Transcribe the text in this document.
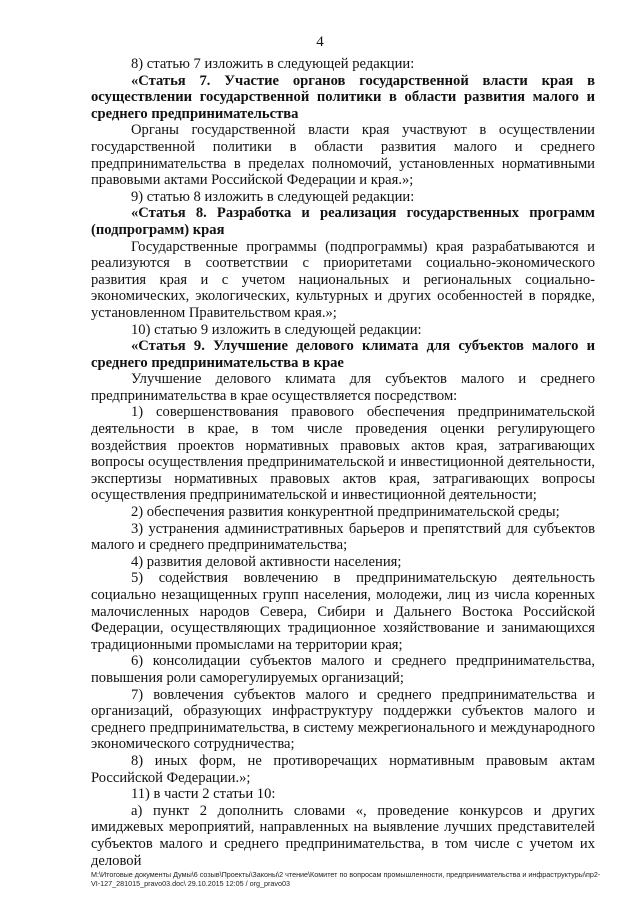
4

8) статью 7 изложить в следующей редакции:

«Статья 7. Участие органов государственной власти края в осуществлении государственной политики в области развития малого и среднего предпринимательства

Органы государственной власти края участвуют в осуществлении государственной политики в области развития малого и среднего предпринимательства в пределах полномочий, установленных нормативными правовыми актами Российской Федерации и края.»;

9) статью 8 изложить в следующей редакции:

«Статья 8. Разработка и реализация государственных программ (подпрограмм) края

Государственные программы (подпрограммы) края разрабатываются и реализуются в соответствии с приоритетами социально-экономического развития края и с учетом национальных и региональных социально-экономических, экологических, культурных и других особенностей в порядке, установленном Правительством края.»;

10) статью 9 изложить в следующей редакции:

«Статья 9. Улучшение делового климата для субъектов малого и среднего предпринимательства в крае

Улучшение делового климата для субъектов малого и среднего предпринимательства в крае осуществляется посредством:

1) совершенствования правового обеспечения предпринимательской деятельности в крае, в том числе проведения оценки регулирующего воздействия проектов нормативных правовых актов края, затрагивающих вопросы осуществления предпринимательской и инвестиционной деятельности, экспертизы нормативных правовых актов края, затрагивающих вопросы осуществления предпринимательской и инвестиционной деятельности;

2) обеспечения развития конкурентной предпринимательской среды;

3) устранения административных барьеров и препятствий для субъектов малого и среднего предпринимательства;

4) развития деловой активности населения;

5) содействия вовлечению в предпринимательскую деятельность социально незащищенных групп населения, молодежи, лиц из числа коренных малочисленных народов Севера, Сибири и Дальнего Востока Российской Федерации, осуществляющих традиционное хозяйствование и занимающихся традиционными промыслами на территории края;

6) консолидации субъектов малого и среднего предпринимательства, повышения роли саморегулируемых организаций;

7) вовлечения субъектов малого и среднего предпринимательства и организаций, образующих инфраструктуру поддержки субъектов малого и среднего предпринимательства, в систему межрегионального и международного экономического сотрудничества;

8) иных форм, не противоречащих нормативным правовым актам Российской Федерации.»;

11) в части 2 статьи 10:

а) пункт 2 дополнить словами «, проведение конкурсов и других имиджевых мероприятий, направленных на выявление лучших представителей субъектов малого и среднего предпринимательства, в том числе с учетом их деловой

M:\Итоговые документы Думы\6 созыв\Проекты\Законы\2 чтение\Комитет по вопросам промышленности, предпринимательства и инфраструктуры\пр2-VI-127_281015_pravo03.doc\ 29.10.2015 12:05 / org_pravo03
